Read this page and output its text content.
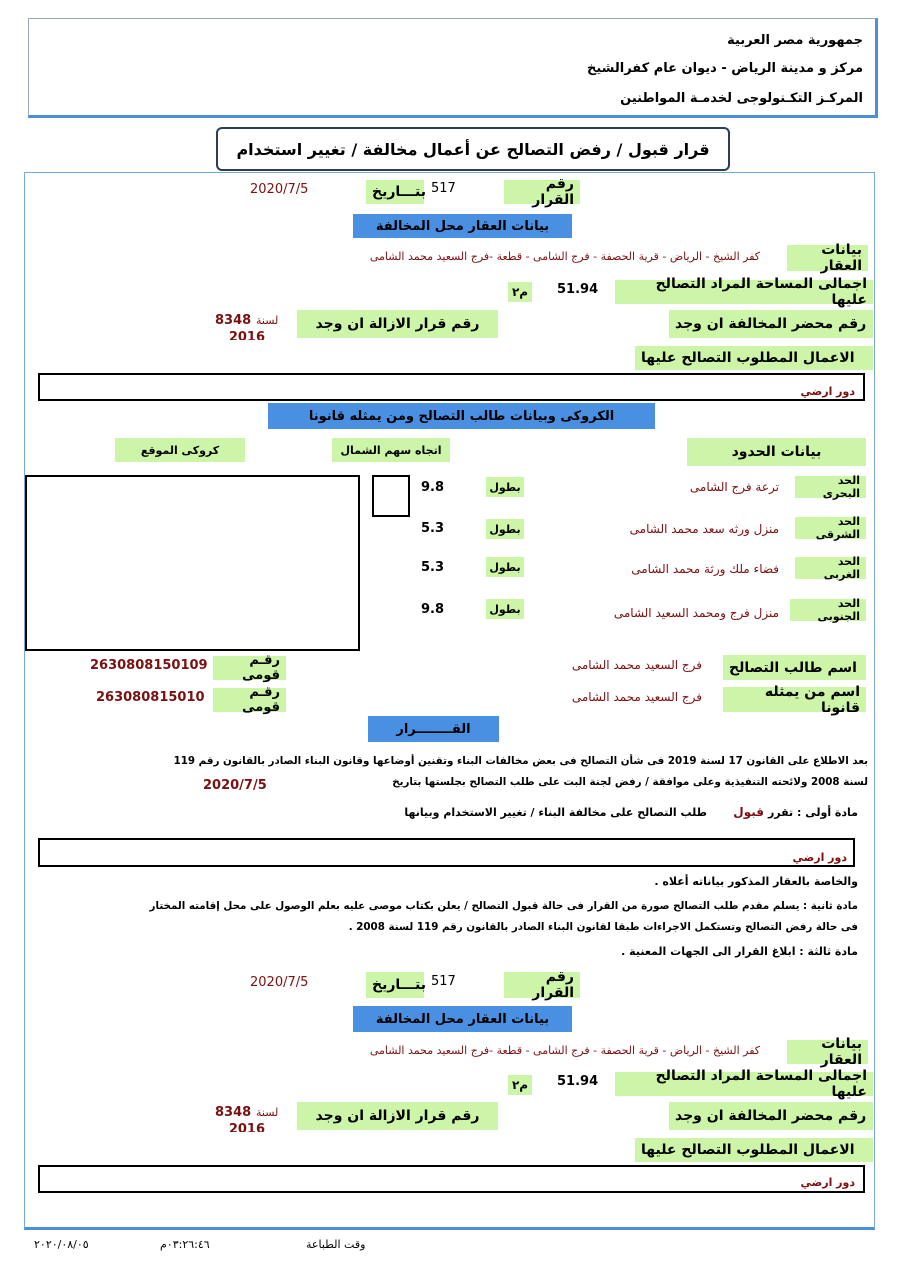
جمهورية مصر العربية
مركز و مدينة الرياض - ديوان عام كفرالشيخ
المركـز التكـنولوجى لخدمـة المواطنين
قرار قبول / رفض التصالح عن أعمال مخالفة / تغيير استخدام
رقم القرار
517
بتـــاريخ
2020/7/5
بيانات العقار محل المخالفة
بيانات العقار
كفر الشيخ - الرياض - قرية الحصفة - فرج الشامى - قطعة -فرج السعيد محمد الشامى
اجمالى المساحة المراد التصالح عليها
51.94
م٢
رقم محضر المخالفة ان وجد
رقم قرار الازالة ان وجد
لسنة
8348
2016
الاعمال المطلوب التصالح عليها
دور ارضي
الكروكى وبيانات طالب التصالح ومن يمثله قانونا
بيانات الحدود
اتجاه سهم الشمال
كروكى الموقع
الحد البحرى
ترعة فرج الشامى
بطول
9.8
الحد الشرقى
منزل ورثه سعد محمد الشامى
بطول
5.3
الحد الغربى
فضاء ملك ورثة محمد الشامى
بطول
5.3
الحد الجنوبى
منزل فرج ومحمد السعيد الشامى
بطول
9.8
اسم طالب التصالح
فرج السعيد محمد الشامى
رقـم قومى
2630808150109
اسم من يمثله قانونا
فرج السعيد محمد الشامى
رقـم قومى
263080815010
القــــــــرار
بعد الاطلاع على القانون 17 لسنة 2019 فى شأن التصالح فى بعض مخالفات البناء وتقنين أوضاعها وقانون البناء الصادر بالقانون رقم 119
لسنة 2008 ولائحته التنفيذية وعلى موافقة / رفض لجنة البت على طلب التصالح بجلستها بتاريخ
2020/7/5
مادة أولى : تقرر
قبول
طلب التصالح على مخالفة البناء / تغيير الاستخدام وبيانها
دور ارضي
والخاصة بالعقار المذكور بياناته أعلاه .
مادة ثانية : يسلم مقدم طلب التصالح صورة من القرار فى حالة قبول التصالح / يعلن بكتاب موصى عليه بعلم الوصول على محل إقامته المختار
فى حالة رفض التصالح وتستكمل الاجراءات طبقا لقانون البناء الصادر بالقانون رقم 119 لسنة 2008 .
مادة ثالثة : ابلاغ القرار الى الجهات المعنية .
رقم القرار
517
بتـــاريخ
2020/7/5
بيانات العقار محل المخالفة
بيانات العقار
كفر الشيخ - الرياض - قرية الحصفة - فرج الشامى - قطعة -فرج السعيد محمد الشامى
اجمالى المساحة المراد التصالح عليها
51.94
م٢
رقم محضر المخالفة ان وجد
رقم قرار الازالة ان وجد
لسنة
8348
2016
الاعمال المطلوب التصالح عليها
دور ارضي
وقت الطباعة
٠٣:٢٦:٤٦م
٢٠٢٠/٠٨/٠٥
